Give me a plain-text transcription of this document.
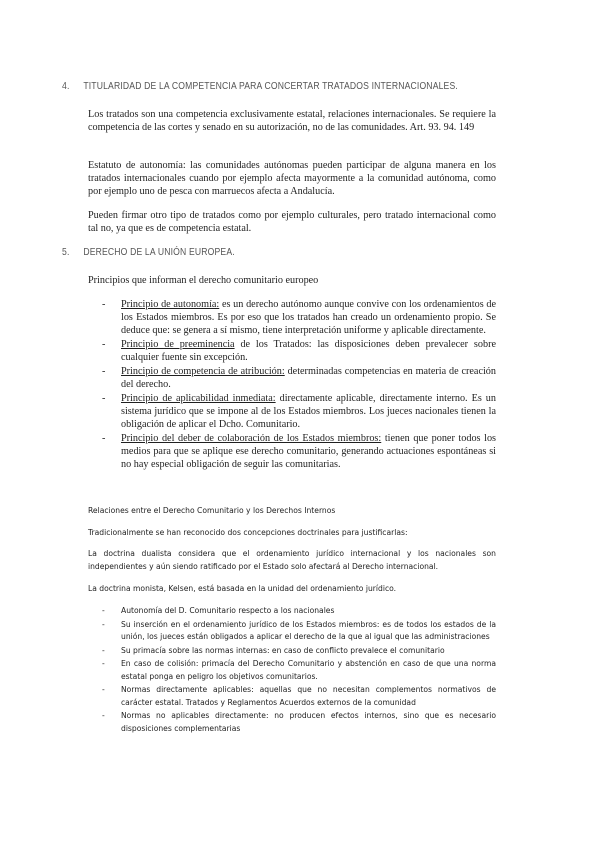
4. TITULARIDAD DE LA COMPETENCIA PARA CONCERTAR TRATADOS INTERNACIONALES.

Los tratados son una competencia exclusivamente estatal, relaciones internacionales. Se requiere la competencia de las cortes y senado en su autorización, no de las comunidades. Art. 93. 94. 149

Estatuto de autonomía: las comunidades autónomas pueden participar de alguna manera en los tratados internacionales cuando por ejemplo afecta mayormente a la comunidad autónoma, como por ejemplo uno de pesca con marruecos afecta a Andalucía.

Pueden firmar otro tipo de tratados como por ejemplo culturales, pero tratado internacional como tal no, ya que es de competencia estatal.

5. DERECHO DE LA UNIÓN EUROPEA.

Principios que informan el derecho comunitario europeo

- Principio de autonomía: es un derecho autónomo aunque convive con los ordenamientos de los Estados miembros. Es por eso que los tratados han creado un ordenamiento propio. Se deduce que: se genera a sí mismo, tiene interpretación uniforme y aplicable directamente.
- Principio de preeminencia de los Tratados: las disposiciones deben prevalecer sobre cualquier fuente sin excepción.
- Principio de competencia de atribución: determinadas competencias en materia de creación del derecho.
- Principio de aplicabilidad inmediata: directamente aplicable, directamente interno. Es un sistema jurídico que se impone al de los Estados miembros. Los jueces nacionales tienen la obligación de aplicar el Dcho. Comunitario.
- Principio del deber de colaboración de los Estados miembros: tienen que poner todos los medios para que se aplique ese derecho comunitario, generando actuaciones espontáneas si no hay especial obligación de seguir las comunitarias.

Relaciones entre el Derecho Comunitario y los Derechos Internos

Tradicionalmente se han reconocido dos concepciones doctrinales para justificarlas:

La doctrina dualista considera que el ordenamiento jurídico internacional y los nacionales son independientes y aún siendo ratificado por el Estado solo afectará al Derecho internacional.

La doctrina monista, Kelsen, está basada en la unidad del ordenamiento jurídico.

- Autonomía del D. Comunitario respecto a los nacionales
- Su inserción en el ordenamiento jurídico de los Estados miembros: es de todos los estados de la unión, los jueces están obligados a aplicar el derecho de la que al igual que las administraciones
- Su primacía sobre las normas internas: en caso de conflicto prevalece el comunitario
- En caso de colisión: primacía del Derecho Comunitario y abstención en caso de que una norma estatal ponga en peligro los objetivos comunitarios.
- Normas directamente aplicables: aquellas que no necesitan complementos normativos de carácter estatal. Tratados y Reglamentos Acuerdos externos de la comunidad
- Normas no aplicables directamente: no producen efectos internos, sino que es necesario disposiciones complementarias
